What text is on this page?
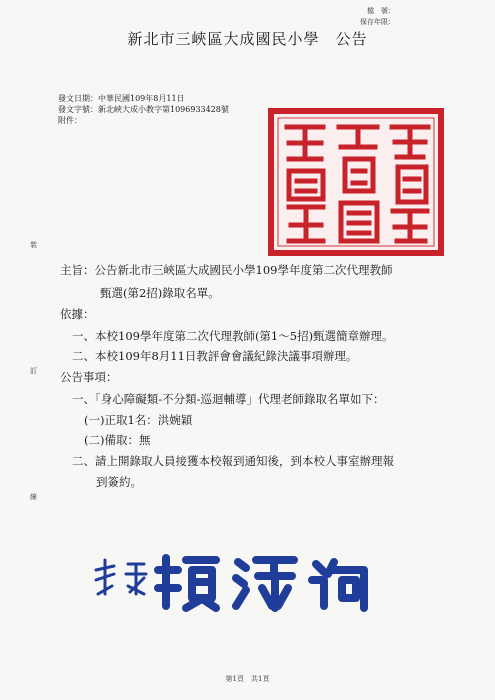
檔　號：
保存年限：
新北市三峽區大成國民小學　公告
發文日期：中華民國109年8月11日
發文字號：新北峽大成小教字第1096933428號
附件：
裝
訂
線
主旨：公告新北市三峽區大成國民小學109學年度第二次代理教師
甄選(第2招)錄取名單。
依據：
一、本校109學年度第二次代理教師(第1～5招)甄選簡章辦理。
二、本校109年8月11日教評會會議紀錄決議事項辦理。
公告事項：
一、「身心障礙類-不分類-巡迴輔導」代理老師錄取名單如下：
(一)正取1名：洪婉穎
(二)備取：無
二、請上開錄取人員接獲本校報到通知後，到本校人事室辦理報
到簽約。
第1頁　共1頁
